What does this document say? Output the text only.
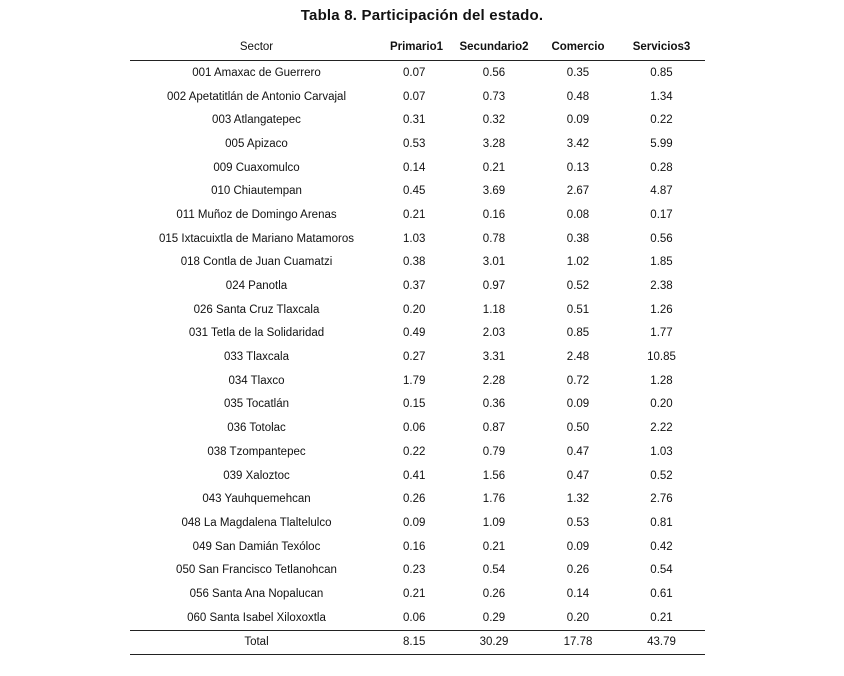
Tabla 8. Participación del estado.
Sector	Primario1	Secundario2	Comercio	Servicios3
001 Amaxac de Guerrero	0.07	0.56	0.35	0.85
002 Apetatitlán de Antonio Carvajal	0.07	0.73	0.48	1.34
003 Atlangatepec	0.31	0.32	0.09	0.22
005 Apizaco	0.53	3.28	3.42	5.99
009 Cuaxomulco	0.14	0.21	0.13	0.28
010 Chiautempan	0.45	3.69	2.67	4.87
011 Muñoz de Domingo Arenas	0.21	0.16	0.08	0.17
015 Ixtacuixtla de Mariano Matamoros	1.03	0.78	0.38	0.56
018 Contla de Juan Cuamatzi	0.38	3.01	1.02	1.85
024 Panotla	0.37	0.97	0.52	2.38
026 Santa Cruz Tlaxcala	0.20	1.18	0.51	1.26
031 Tetla de la Solidaridad	0.49	2.03	0.85	1.77
033 Tlaxcala	0.27	3.31	2.48	10.85
034 Tlaxco	1.79	2.28	0.72	1.28
035 Tocatlán	0.15	0.36	0.09	0.20
036 Totolac	0.06	0.87	0.50	2.22
038 Tzompantepec	0.22	0.79	0.47	1.03
039 Xaloztoc	0.41	1.56	0.47	0.52
043 Yauhquemehcan	0.26	1.76	1.32	2.76
048 La Magdalena Tlaltelulco	0.09	1.09	0.53	0.81
049 San Damián Texóloc	0.16	0.21	0.09	0.42
050 San Francisco Tetlanohcan	0.23	0.54	0.26	0.54
056 Santa Ana Nopalucan	0.21	0.26	0.14	0.61
060 Santa Isabel Xiloxoxtla	0.06	0.29	0.20	0.21
Total	8.15	30.29	17.78	43.79
